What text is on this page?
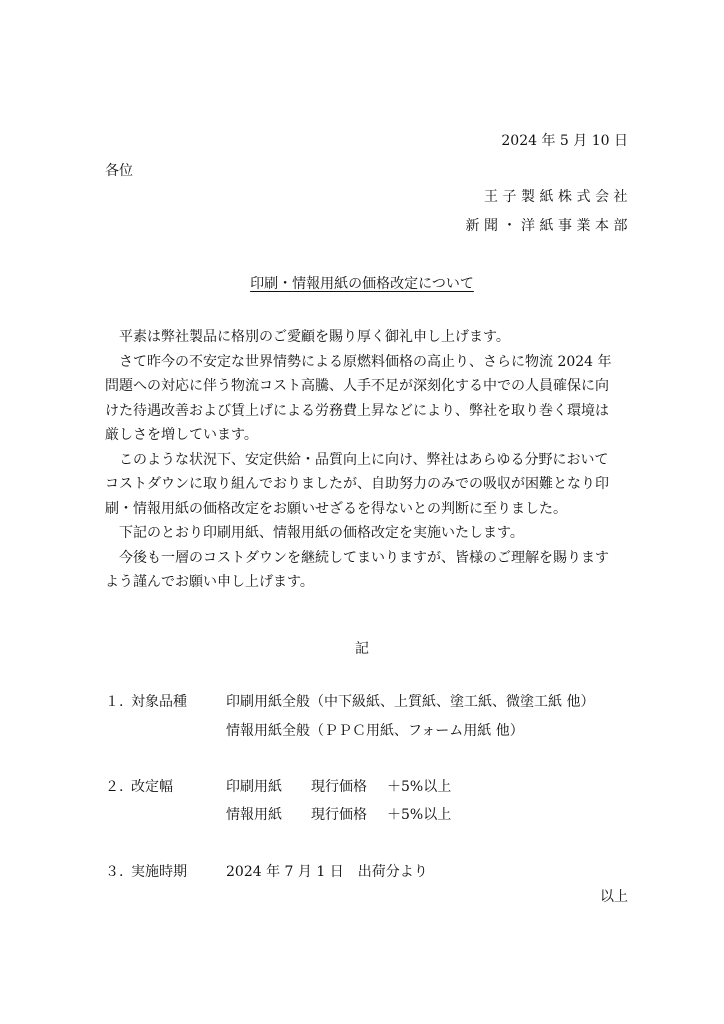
2024 年 5 月 10 日
各位
王子製紙株式会社
新聞・洋紙事業本部
印刷・情報用紙の価格改定について

平素は弊社製品に格別のご愛顧を賜り厚く御礼申し上げます。

さて昨今の不安定な世界情勢による原燃料価格の高止り、さらに物流 2024 年
問題への対応に伴う物流コスト高騰、人手不足が深刻化する中での人員確保に向
けた待遇改善および賃上げによる労務費上昇などにより、弊社を取り巻く環境は
厳しさを増しています。

このような状況下、安定供給・品質向上に向け、弊社はあらゆる分野において
コストダウンに取り組んでおりましたが、自助努力のみでの吸収が困難となり印
刷・情報用紙の価格改定をお願いせざるを得ないとの判断に至りました。

下記のとおり印刷用紙、情報用紙の価格改定を実施いたします。

今後も一層のコストダウンを継続してまいりますが、皆様のご理解を賜ります
よう謹んでお願い申し上げます。

記
１. 対象品種	印刷用紙全般（中下級紙、上質紙、塗工紙、微塗工紙 他）
情報用紙全般（ＰＰＣ用紙、フォーム用紙 他）
２. 改定幅	印刷用紙 現行価格 ＋5%以上
情報用紙 現行価格 ＋5%以上
３. 実施時期	2024 年 7 月 1 日　出荷分より
以上
